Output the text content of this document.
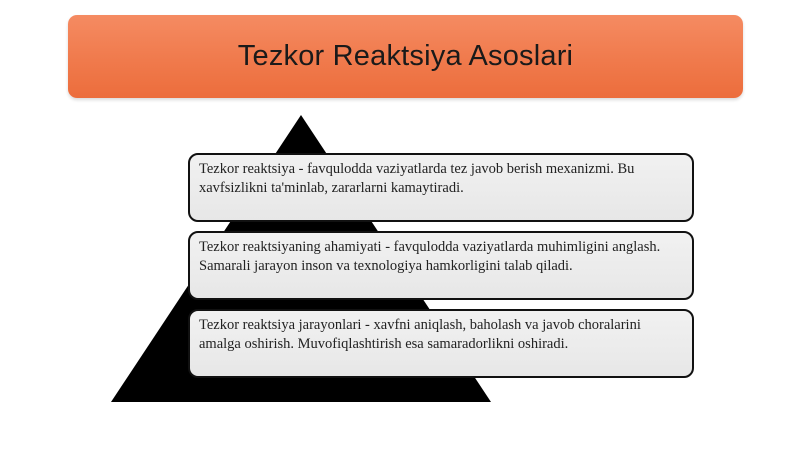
Tezkor Reaktsiya Asoslari
Tezkor reaktsiya - favqulodda vaziyatlarda tez javob berish mexanizmi. Bu xavfsizlikni ta'minlab, zararlarni kamaytiradi.
Tezkor reaktsiyaning ahamiyati - favqulodda vaziyatlarda muhimligini anglash. Samarali jarayon inson va texnologiya hamkorligini talab qiladi.
Tezkor reaktsiya jarayonlari - xavfni aniqlash, baholash va javob choralarini amalga oshirish. Muvofiqlashtirish esa samaradorlikni oshiradi.
